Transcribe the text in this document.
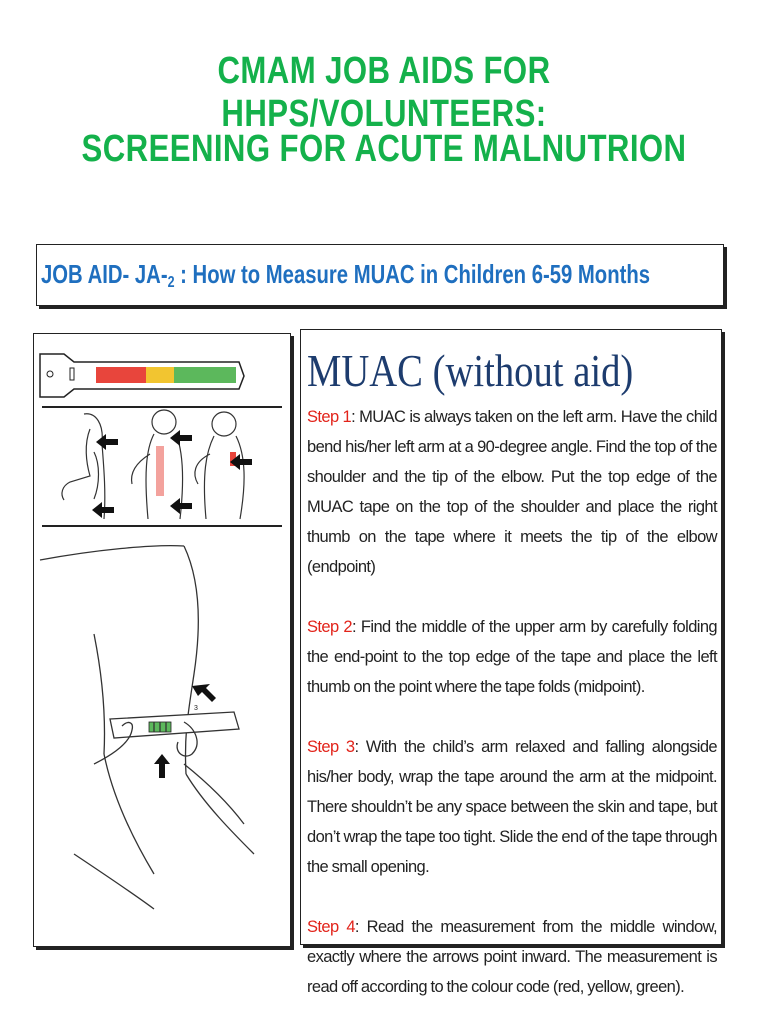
CMAM JOB AIDS FOR HHPS/VOLUNTEERS:
SCREENING FOR ACUTE MALNUTRION
JOB AID- $JA-_2$ : How to Measure MUAC in Children 6-59 Months
3
MUAC (without aid)
Step 1: MUAC is always taken on the left arm. Have the child bend his/her left arm at a 90-degree angle. Find the top of the shoulder and the tip of the elbow. Put the top edge of the MUAC tape on the top of the shoulder and place the right thumb on the tape where it meets the tip of the elbow (endpoint)
Step 2: Find the middle of the upper arm by carefully folding the end-point to the top edge of the tape and place the left thumb on the point where the tape folds (midpoint).
Step 3: With the child’s arm relaxed and falling alongside his/her body, wrap the tape around the arm at the midpoint. There shouldn’t be any space between the skin and tape, but don’t wrap the tape too tight. Slide the end of the tape through the small opening.
Step 4: Read the measurement from the middle window, exactly where the arrows point inward. The measurement is read off according to the colour code (red, yellow, green).
